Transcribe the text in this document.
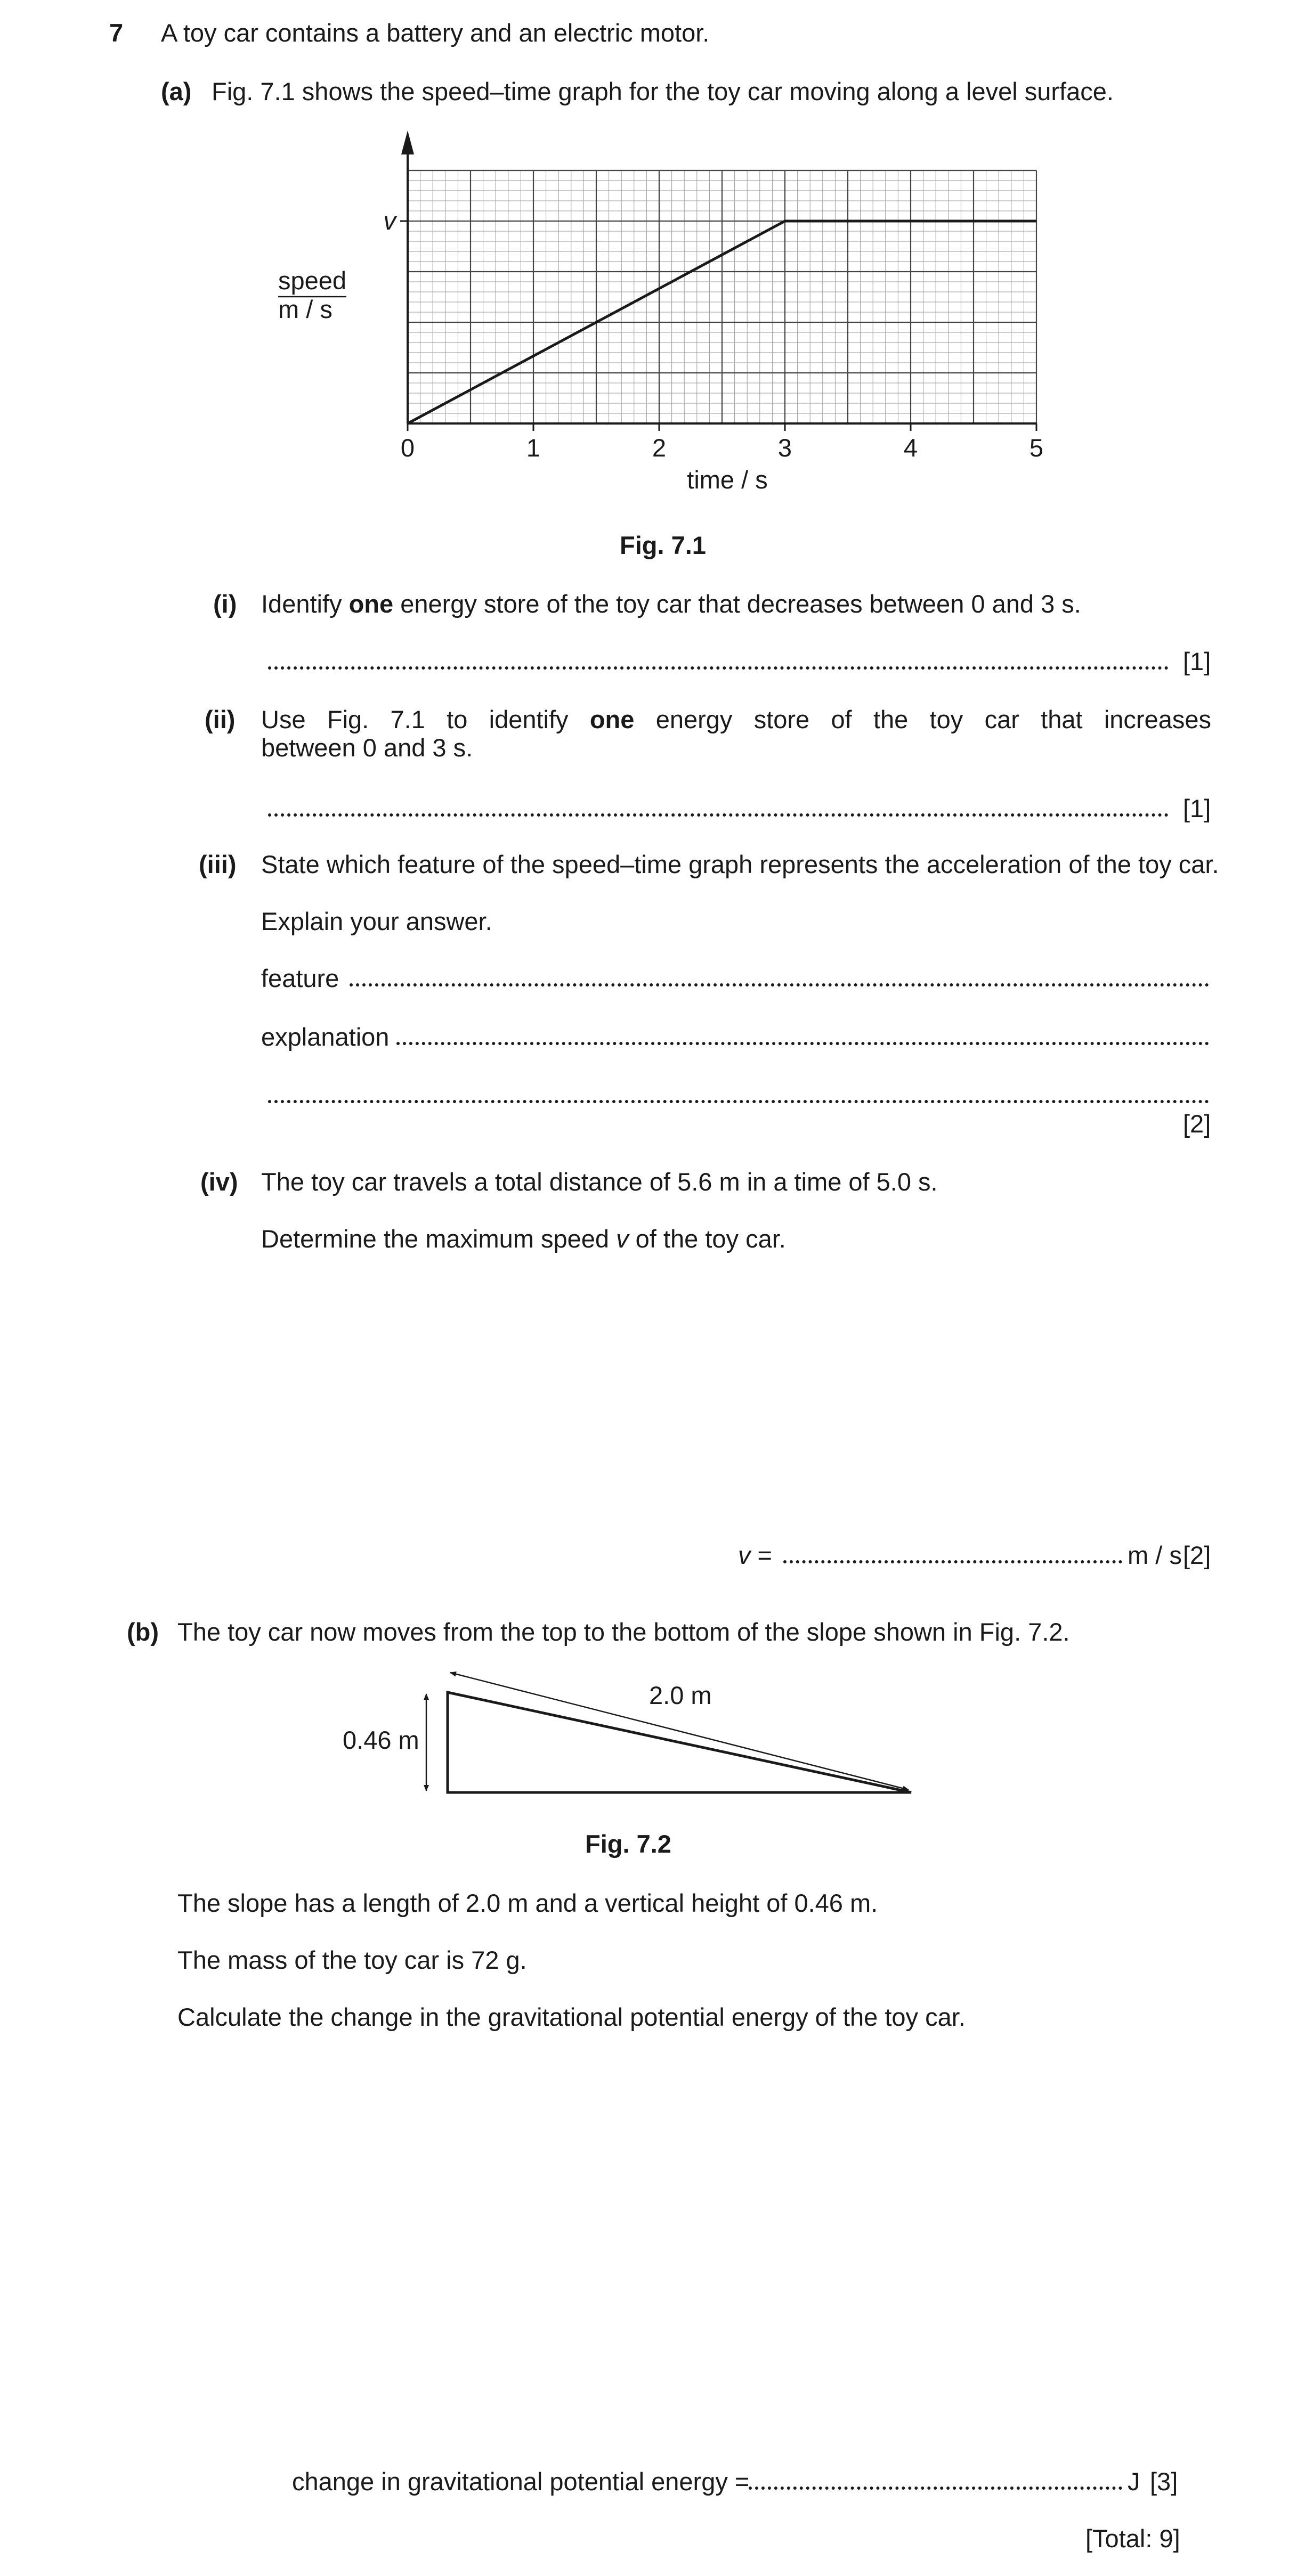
7 A toy car contains a battery and an electric motor.
(a) Fig. 7.1 shows the speed–time graph for the toy car moving along a level surface.
0	1	2	3	4	5
v
speed
m / s
time / s
Fig. 7.1
(i) Identify one energy store of the toy car that decreases between 0 and 3 s.
[1]
(ii) Use Fig. 7.1 to identify one energy store of the toy car that increases
between 0 and 3 s.
[1]
(iii) State which feature of the speed–time graph represents the acceleration of the toy car.
Explain your answer.
feature
explanation
[2]
(iv) The toy car travels a total distance of 5.6 m in a time of 5.0 s.
Determine the maximum speed v of the toy car.
v =	m / s [2]
(b) The toy car now moves from the top to the bottom of the slope shown in Fig. 7.2.
2.0 m
0.46 m
Fig. 7.2
The slope has a length of 2.0 m and a vertical height of 0.46 m.
The mass of the toy car is 72 g.
Calculate the change in the gravitational potential energy of the toy car.
change in gravitational potential energy =	J [3]
[Total: 9]
